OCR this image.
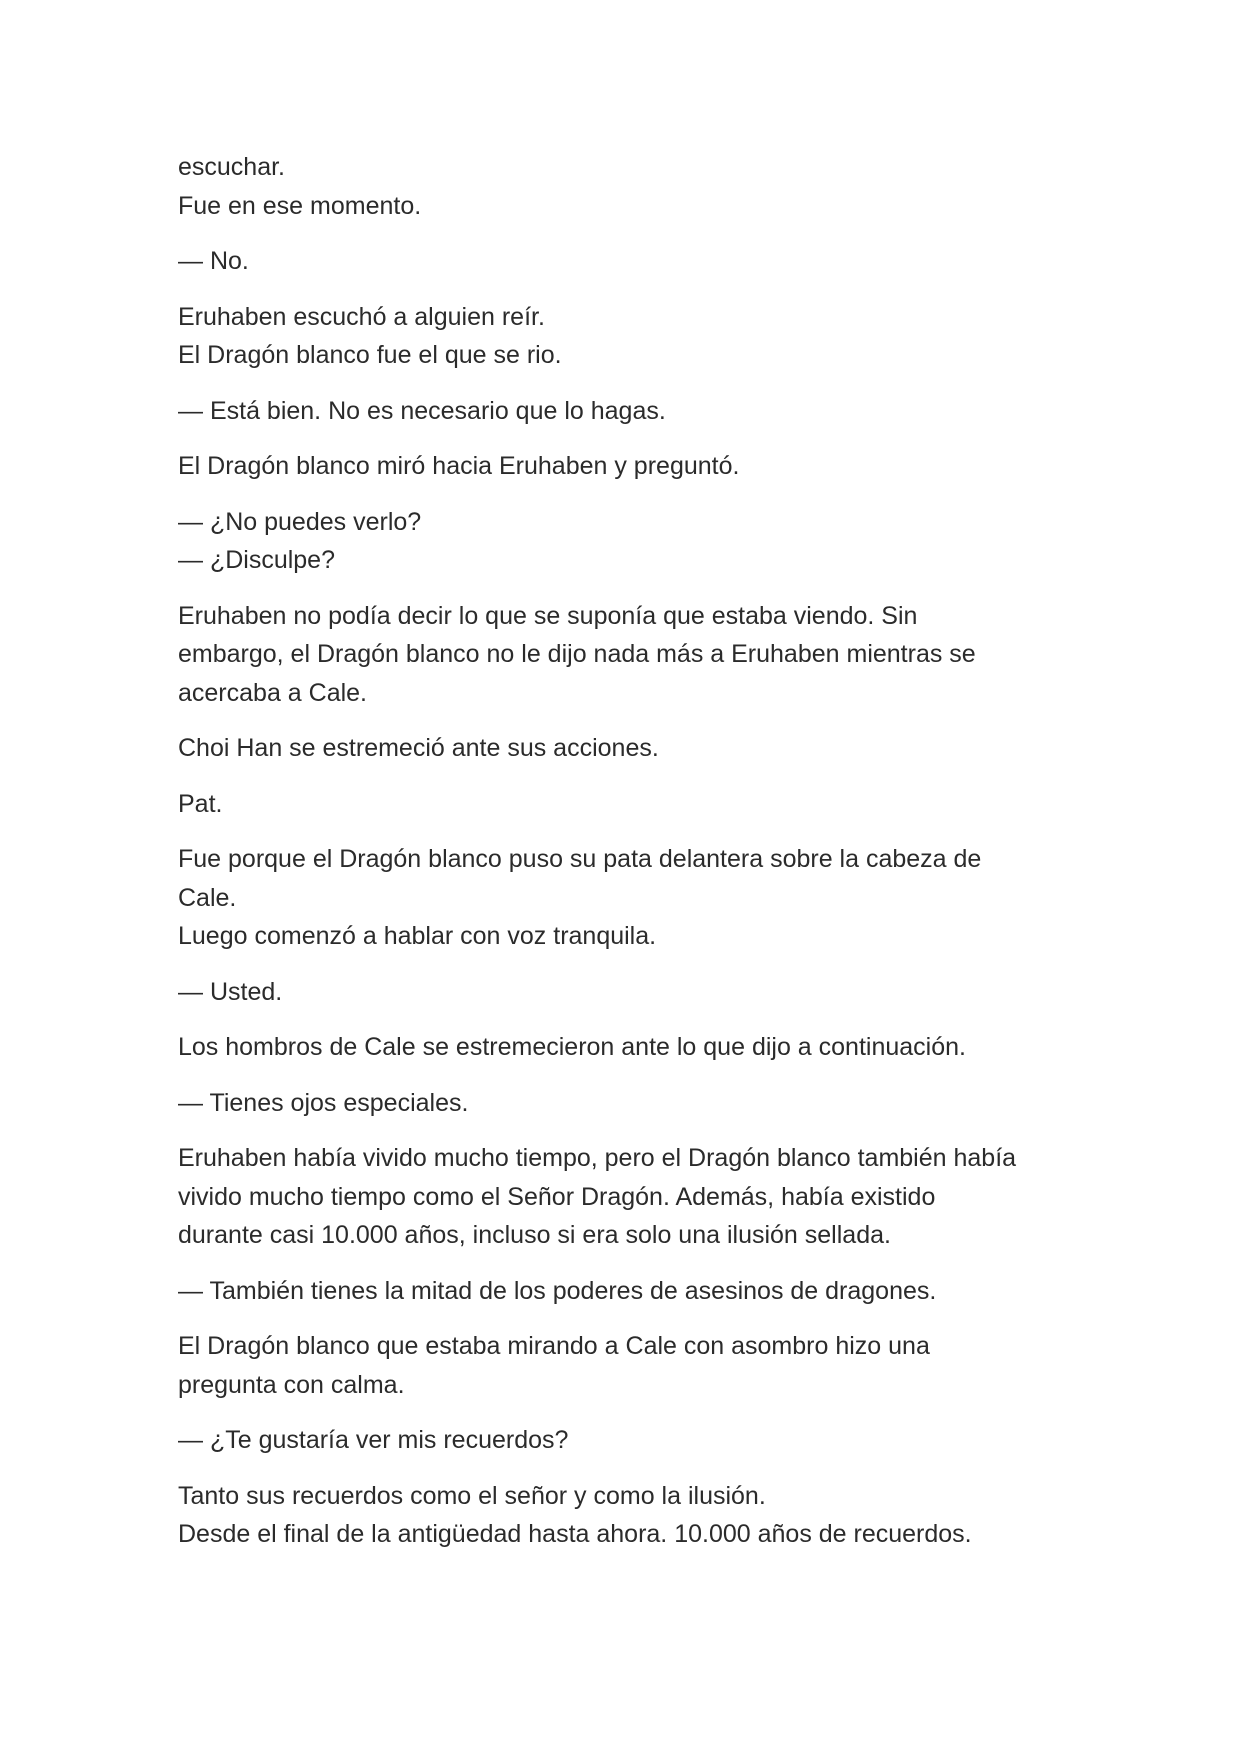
escuchar.
Fue en ese momento.

— No.

Eruhaben escuchó a alguien reír.
El Dragón blanco fue el que se rio.

— Está bien. No es necesario que lo hagas.

El Dragón blanco miró hacia Eruhaben y preguntó.

— ¿No puedes verlo?
— ¿Disculpe?

Eruhaben no podía decir lo que se suponía que estaba viendo. Sin
embargo, el Dragón blanco no le dijo nada más a Eruhaben mientras se
acercaba a Cale.

Choi Han se estremeció ante sus acciones.

Pat.

Fue porque el Dragón blanco puso su pata delantera sobre la cabeza de
Cale.
Luego comenzó a hablar con voz tranquila.

— Usted.

Los hombros de Cale se estremecieron ante lo que dijo a continuación.

— Tienes ojos especiales.

Eruhaben había vivido mucho tiempo, pero el Dragón blanco también había
vivido mucho tiempo como el Señor Dragón. Además, había existido
durante casi 10.000 años, incluso si era solo una ilusión sellada.

— También tienes la mitad de los poderes de asesinos de dragones.

El Dragón blanco que estaba mirando a Cale con asombro hizo una
pregunta con calma.

— ¿Te gustaría ver mis recuerdos?

Tanto sus recuerdos como el señor y como la ilusión.
Desde el final de la antigüedad hasta ahora. 10.000 años de recuerdos.
